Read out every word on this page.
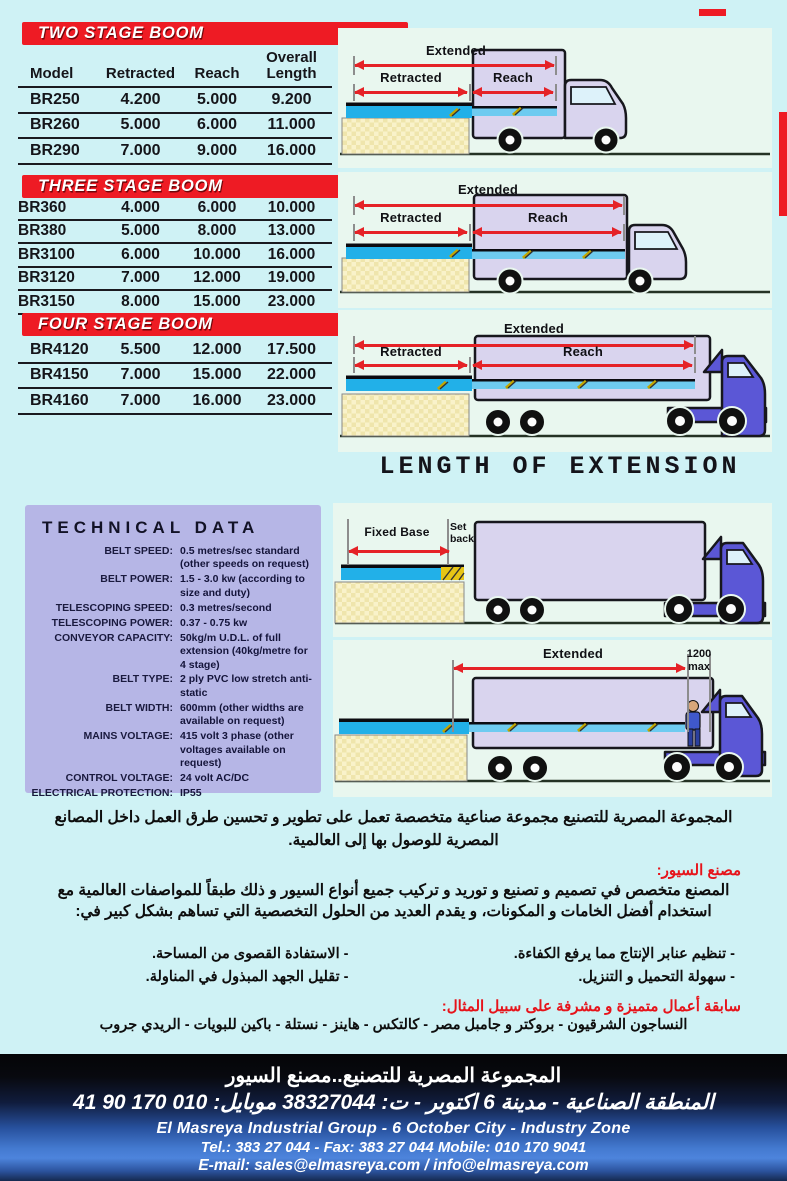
TWO STAGE BOOM
Model	Retracted	Reach	Overall Length
BR250	4.200	5.000	9.200
BR260	5.000	6.000	11.000
BR290	7.000	9.000	16.000
Extended
Retracted	Reach
THREE STAGE BOOM
BR360	4.000	6.000	10.000
BR380	5.000	8.000	13.000
BR3100	6.000	10.000	16.000
BR3120	7.000	12.000	19.000
BR3150	8.000	15.000	23.000
Extended
Retracted	Reach
FOUR STAGE BOOM
BR4120	5.500	12.000	17.500
BR4150	7.000	15.000	22.000
BR4160	7.000	16.000	23.000
Extended
Retracted	Reach
LENGTH OF EXTENSION
TECHNICAL DATA
BELT SPEED: 0.5 metres/sec standard (other speeds on request)
BELT POWER: 1.5 - 3.0 kw (according to size and duty)
TELESCOPING SPEED: 0.3 metres/second
TELESCOPING POWER: 0.37 - 0.75 kw
CONVEYOR CAPACITY: 50kg/m U.D.L. of full extension (40kg/metre for 4 stage)
BELT TYPE: 2 ply PVC low stretch anti-static
BELT WIDTH: 600mm (other widths are available on request)
MAINS VOLTAGE: 415 volt 3 phase (other voltages available on request)
CONTROL VOLTAGE: 24 volt AC/DC
ELECTRICAL PROTECTION: IP55
Fixed Base Set back
Extended	1200
max
المجموعة المصرية للتصنيع مجموعة صناعية متخصصة تعمل على تطوير و تحسين طرق العمل داخل المصانع المصرية للوصول بها إلى العالمية.
مصنع السيور:
المصنع متخصص في تصميم و تصنيع و توريد و تركيب جميع أنواع السيور و ذلك طبقاً للمواصفات العالمية مع استخدام أفضل الخامات و المكونات، و يقدم العديد من الحلول التخصصية التي تساهم بشكل كبير في:
- تنظيم عنابر الإنتاج مما يرفع الكفاءة.
- سهولة التحميل و التنزيل.
- الاستفادة القصوى من المساحة.
- تقليل الجهد المبذول في المناولة.
سابقة أعمال متميزة و مشرفة على سبيل المثال:
النساجون الشرقيون - بروكتر و جامبل مصر - كالتكس - هاينز - نستلة - باكين للبويات - الريدي جروب
المجموعة المصرية للتصنيع..مصنع السيور
المنطقة الصناعية - مدينة 6 اكتوبر - ت: 38327044 موبايل: 010 170 90 41
El Masreya Industrial Group - 6 October City - Industry Zone
Tel.: 383 27 044 - Fax: 383 27 044 Mobile: 010 170 9041
E-mail: sales@elmasreya.com / info@elmasreya.com
